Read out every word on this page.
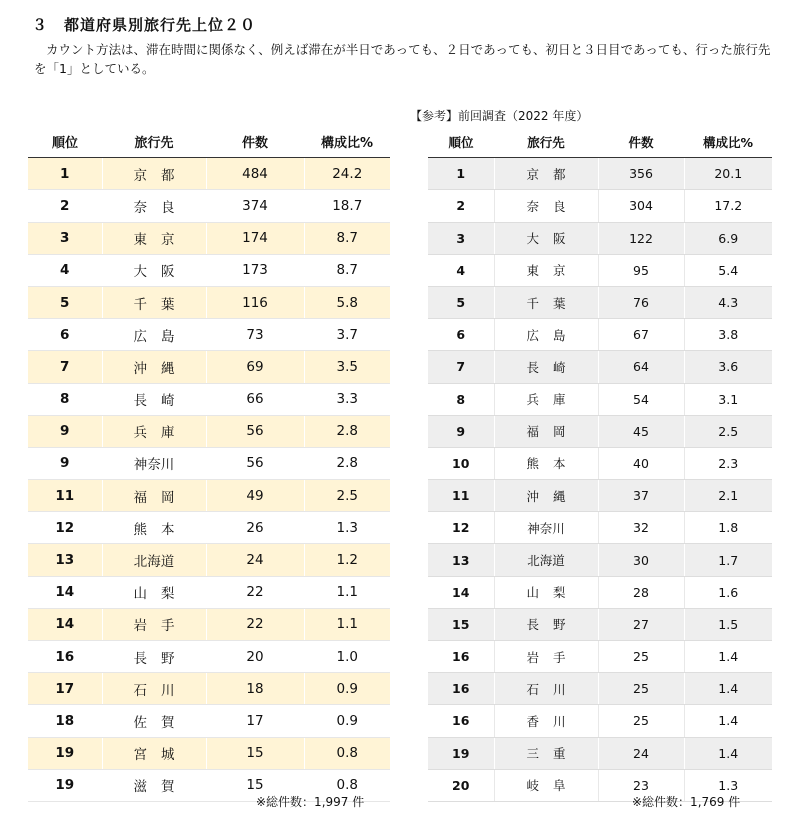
３　都道府県別旅行先上位２０
カウント方法は、滞在時間に関係なく、例えば滞在が半日であっても、２日であっても、初日と３日目であっても、行った旅行先を「1」としている。
順位	旅行先	件数	構成比%
1	京都	484	24.2
2	奈良	374	18.7
3	東京	174	8.7
4	大阪	173	8.7
5	千葉	116	5.8
6	広島	73	3.7
7	沖縄	69	3.5
8	長崎	66	3.3
9	兵庫	56	2.8
9	神奈川	56	2.8
11	福岡	49	2.5
12	熊本	26	1.3
13	北海道	24	1.2
14	山梨	22	1.1
14	岩手	22	1.1
16	長野	20	1.0
17	石川	18	0.9
18	佐賀	17	0.9
19	宮城	15	0.8
19	滋賀	15	0.8
【参考】前回調査（2022 年度）
順位	旅行先	件数	構成比%
1	京都	356	20.1
2	奈良	304	17.2
3	大阪	122	6.9
4	東京	95	5.4
5	千葉	76	4.3
6	広島	67	3.8
7	長崎	64	3.6
8	兵庫	54	3.1
9	福岡	45	2.5
10	熊本	40	2.3
11	沖縄	37	2.1
12	神奈川	32	1.8
13	北海道	30	1.7
14	山梨	28	1.6
15	長野	27	1.5
16	岩手	25	1.4
16	石川	25	1.4
16	香川	25	1.4
19	三重	24	1.4
20	岐阜	23	1.3
※総件数：1,997 件	※総件数：1,769 件
